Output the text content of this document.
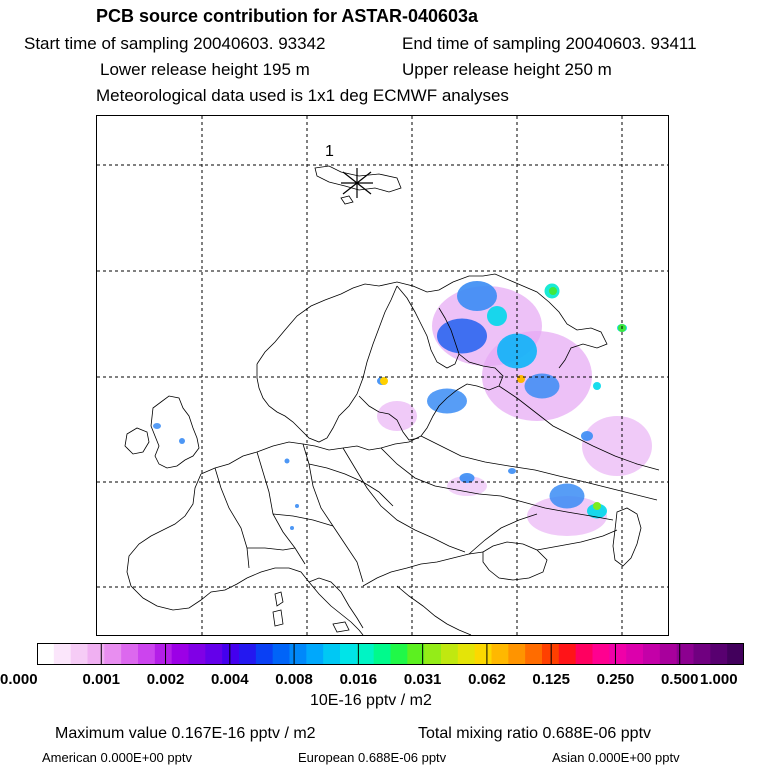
PCB source contribution for ASTAR-040603a
Start time of sampling 20040603. 93342	End time of sampling 20040603. 93411
Lower release height 195 m	Upper release height 250 m
Meteorological data used is 1x1 deg ECMWF analyses
1
0.000	0.001 0.002 0.004 0.008 0.016 0.031 0.062 0.125 0.250 0.500 1.000
10E-16 pptv / m2
Maximum value 0.167E-16 pptv / m2	Total mixing ratio 0.688E-06 pptv
American 0.000E+00 pptv	European 0.688E-06 pptv	Asian 0.000E+00 pptv
